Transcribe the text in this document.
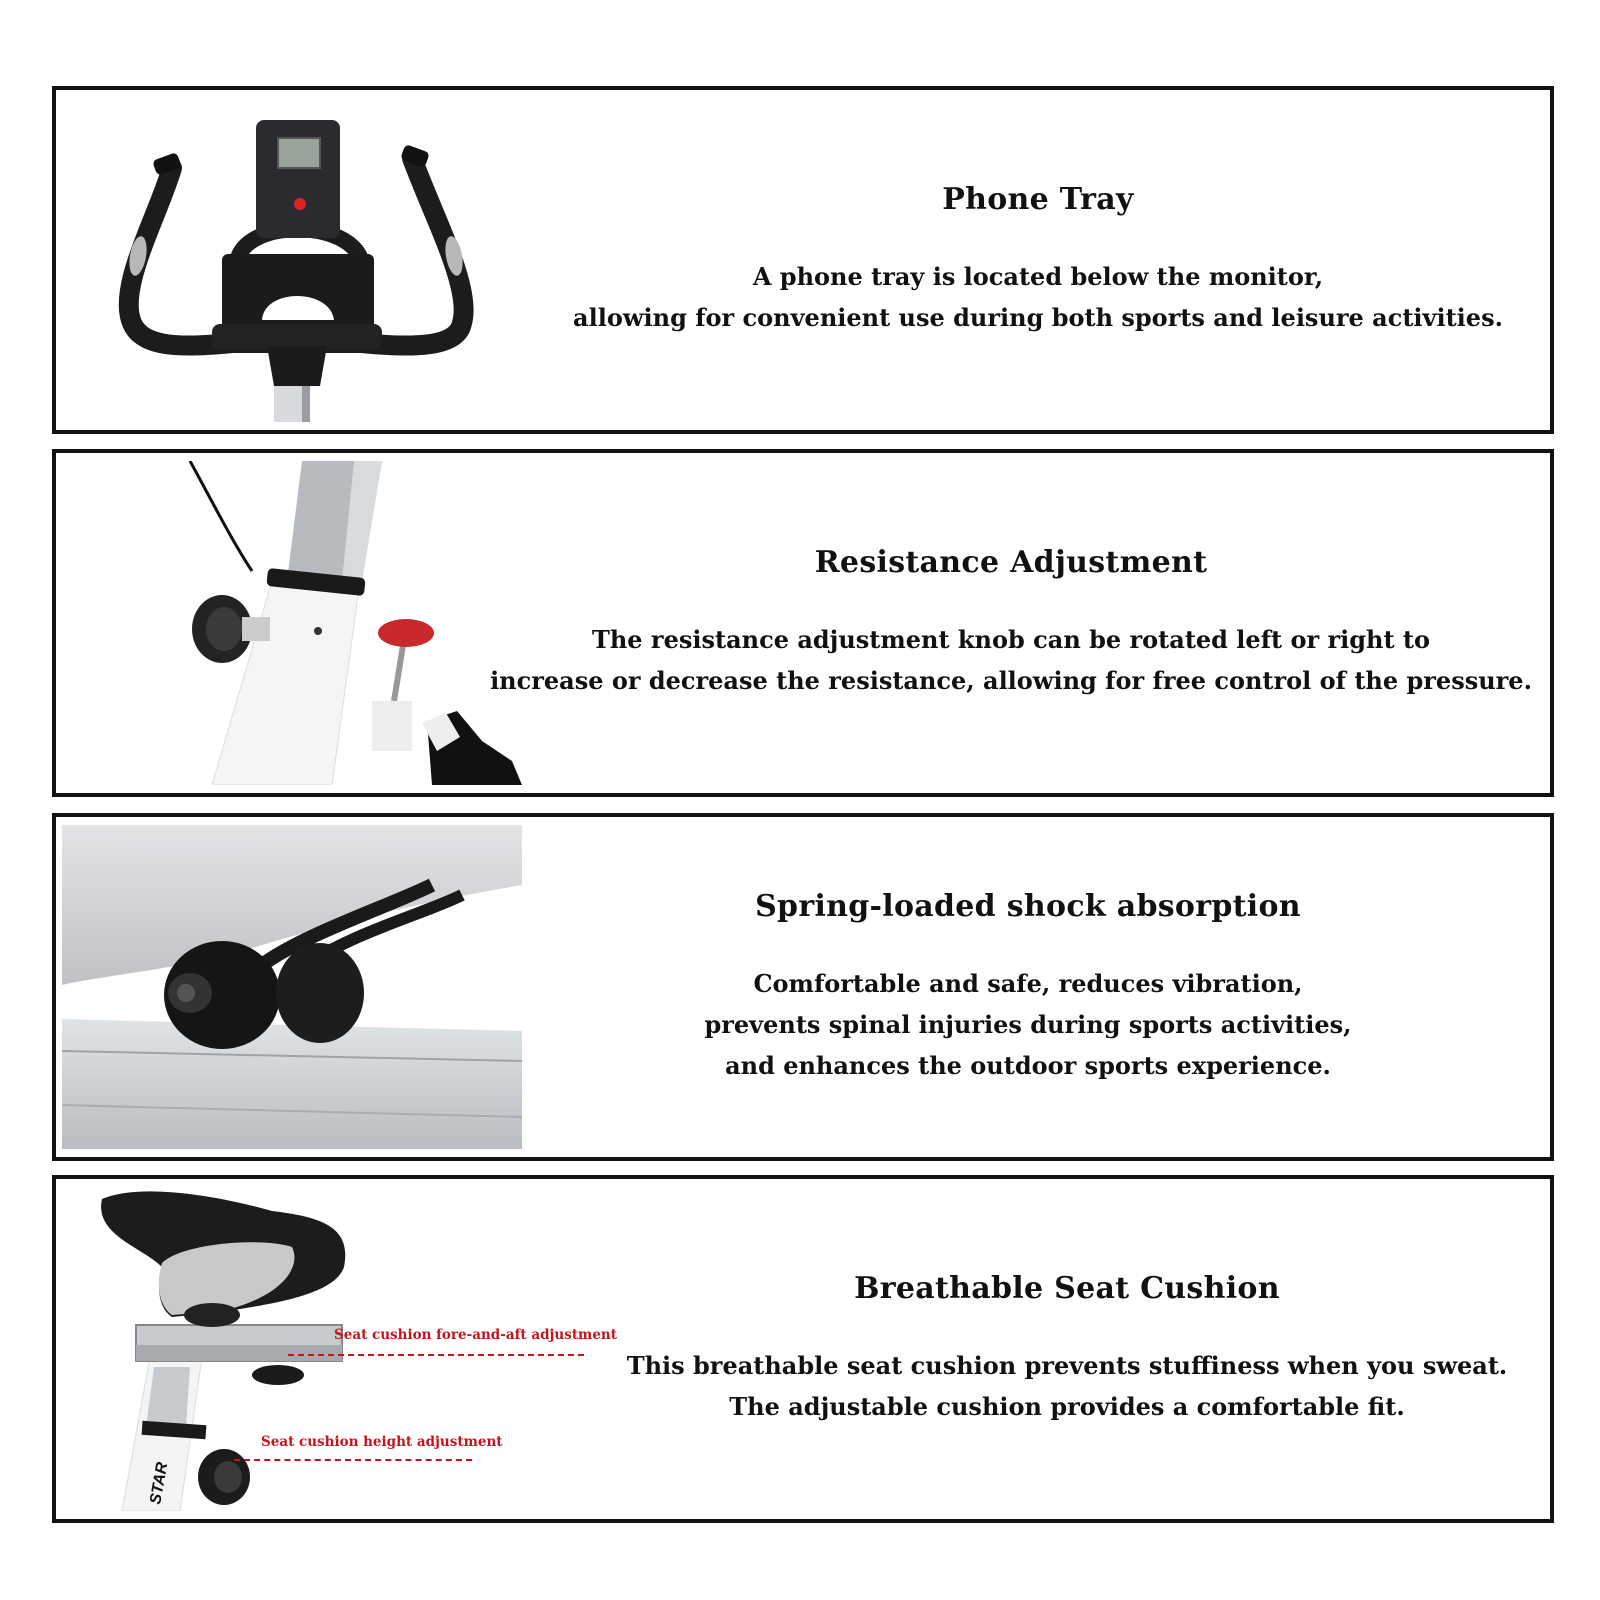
Phone Tray

A phone tray is located below the monitor,
allowing for convenient use during both sports and leisure activities.

Resistance Adjustment

The resistance adjustment knob can be rotated left or right to
increase or decrease the resistance, allowing for free control of the pressure.

Spring-loaded shock absorption

Comfortable and safe, reduces vibration,
prevents spinal injuries during sports activities,
and enhances the outdoor sports experience.

STAR
Seat cushion fore-and-aft adjustment
Seat cushion height adjustment
Breathable Seat Cushion

This breathable seat cushion prevents stuffiness when you sweat.
The adjustable cushion provides a comfortable fit.
